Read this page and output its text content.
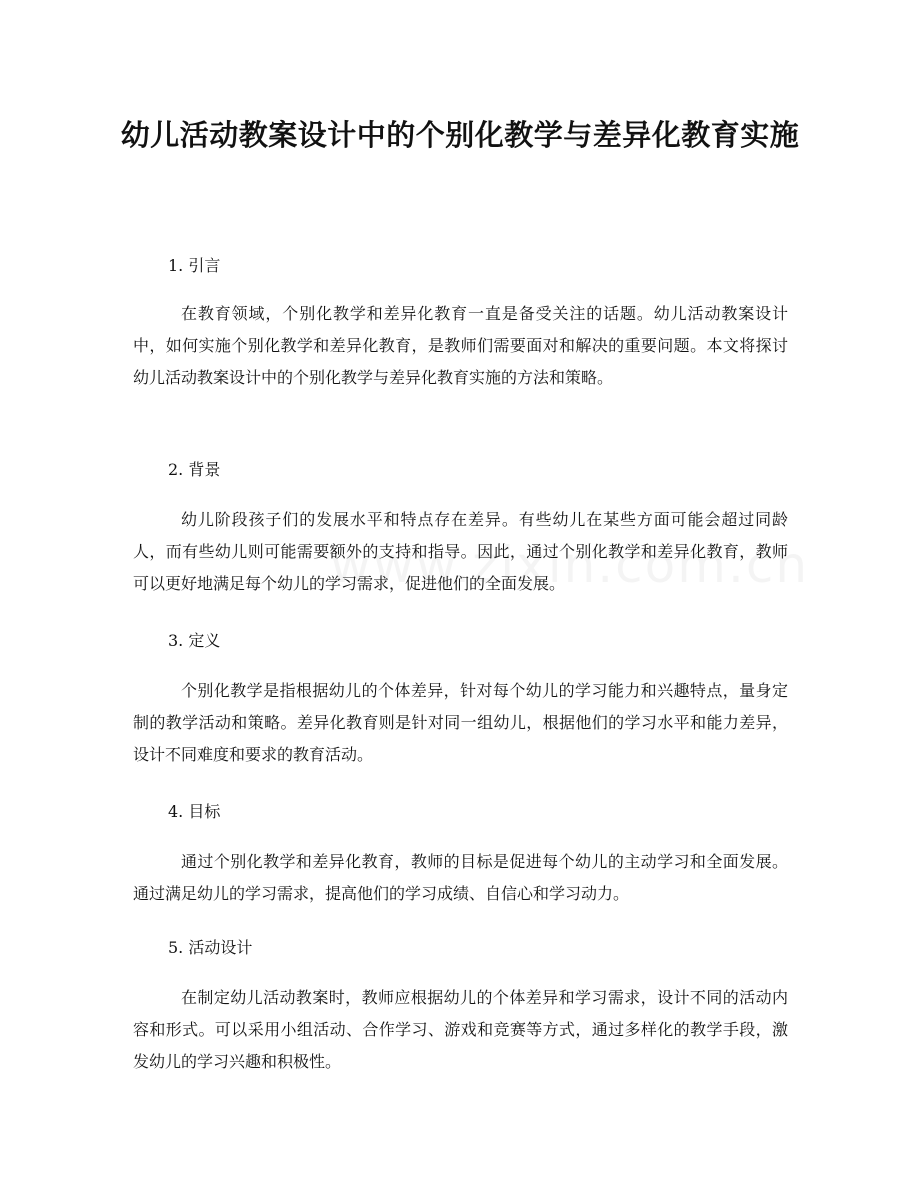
幼儿活动教案设计中的个别化教学与差异化教育实施
1. 引言

在教育领域，个别化教学和差异化教育一直是备受关注的话题。幼儿活动教案设计中，如何实施个别化教学和差异化教育，是教师们需要面对和解决的重要问题。本文将探讨幼儿活动教案设计中的个别化教学与差异化教育实施的方法和策略。

2. 背景

幼儿阶段孩子们的发展水平和特点存在差异。有些幼儿在某些方面可能会超过同龄人，而有些幼儿则可能需要额外的支持和指导。因此，通过个别化教学和差异化教育，教师可以更好地满足每个幼儿的学习需求，促进他们的全面发展。

3. 定义

个别化教学是指根据幼儿的个体差异，针对每个幼儿的学习能力和兴趣特点，量身定制的教学活动和策略。差异化教育则是针对同一组幼儿，根据他们的学习水平和能力差异，设计不同难度和要求的教育活动。

4. 目标

通过个别化教学和差异化教育，教师的目标是促进每个幼儿的主动学习和全面发展。通过满足幼儿的学习需求，提高他们的学习成绩、自信心和学习动力。

5. 活动设计

在制定幼儿活动教案时，教师应根据幼儿的个体差异和学习需求，设计不同的活动内容和形式。可以采用小组活动、合作学习、游戏和竞赛等方式，通过多样化的教学手段，激发幼儿的学习兴趣和积极性。
